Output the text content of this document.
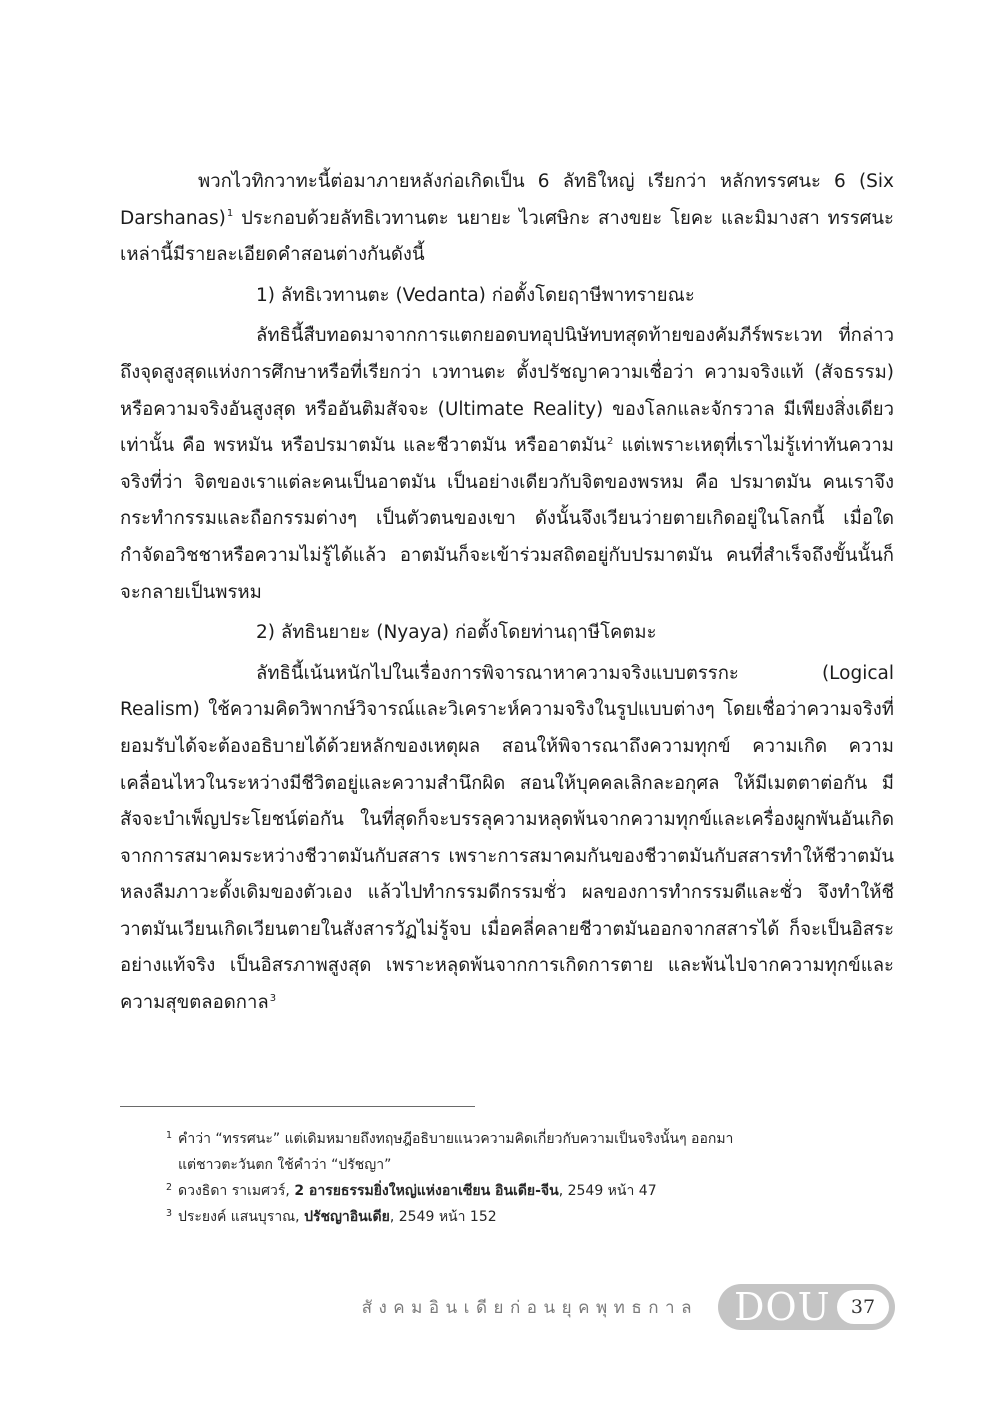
พวกไวทิกวาทะนี้ต่อมาภายหลังก่อเกิดเป็น 6 ลัทธิใหญ่ เรียกว่า หลักทรรศนะ 6 (Six Darshanas)$^1$ ประกอบด้วยลัทธิเวทานตะ นยายะ ไวเศษิกะ สางขยะ โยคะ และมิมางสา ทรรศนะเหล่านี้มีรายละเอียดคำสอนต่างกันดังนี้

1) ลัทธิเวทานตะ (Vedanta) ก่อตั้งโดยฤาษีพาทรายณะ

ลัทธินี้สืบทอดมาจากการแตกยอดบทอุปนิษัทบทสุดท้ายของคัมภีร์พระเวท ที่กล่าวถึงจุดสูงสุดแห่งการศึกษาหรือที่เรียกว่า เวทานตะ ตั้งปรัชญาความเชื่อว่า ความจริงแท้ (สัจธรรม) หรือความจริงอันสูงสุด หรืออันติมสัจจะ (Ultimate Reality) ของโลกและจักรวาล มีเพียงสิ่งเดียวเท่านั้น คือ พรหมัน หรือปรมาตมัน และชีวาตมัน หรืออาตมัน$^2$ แต่เพราะเหตุที่เราไม่รู้เท่าทันความจริงที่ว่า จิตของเราแต่ละคนเป็นอาตมัน เป็นอย่างเดียวกับจิตของพรหม คือ ปรมาตมัน คนเราจึงกระทำกรรมและถือกรรมต่างๆ เป็นตัวตนของเขา ดังนั้นจึงเวียนว่ายตายเกิดอยู่ในโลกนี้ เมื่อใดกำจัดอวิชชาหรือความไม่รู้ได้แล้ว อาตมันก็จะเข้าร่วมสถิตอยู่กับปรมาตมัน คนที่สำเร็จถึงขั้นนั้นก็จะกลายเป็นพรหม

2) ลัทธินยายะ (Nyaya) ก่อตั้งโดยท่านฤาษีโคตมะ

ลัทธินี้เน้นหนักไปในเรื่องการพิจารณาหาความจริงแบบตรรกะ (Logical Realism) ใช้ความคิดวิพากษ์วิจารณ์และวิเคราะห์ความจริงในรูปแบบต่างๆ โดยเชื่อว่าความจริงที่ยอมรับได้จะต้องอธิบายได้ด้วยหลักของเหตุผล สอนให้พิจารณาถึงความทุกข์ ความเกิด ความเคลื่อนไหวในระหว่างมีชีวิตอยู่และความสำนึกผิด สอนให้บุคคลเลิกละอกุศล ให้มีเมตตาต่อกัน มีสัจจะบำเพ็ญประโยชน์ต่อกัน ในที่สุดก็จะบรรลุความหลุดพ้นจากความทุกข์และเครื่องผูกพันอันเกิดจากการสมาคมระหว่างชีวาตมันกับสสาร เพราะการสมาคมกันของชีวาตมันกับสสารทำให้ชีวาตมันหลงลืมภาวะดั้งเดิมของตัวเอง แล้วไปทำกรรมดีกรรมชั่ว ผลของการทำกรรมดีและชั่ว จึงทำให้ชีวาตมันเวียนเกิดเวียนตายในสังสารวัฏไม่รู้จบ เมื่อคลี่คลายชีวาตมันออกจากสสารได้ ก็จะเป็นอิสระอย่างแท้จริง เป็นอิสรภาพสูงสุด เพราะหลุดพ้นจากการเกิดการตาย และพ้นไปจากความทุกข์และความสุขตลอดกาล$^3$

1 คำว่า “ทรรศนะ” แต่เดิมหมายถึงทฤษฎีอธิบายแนวความคิดเกี่ยวกับความเป็นจริงนั้นๆ ออกมา
แต่ชาวตะวันตก ใช้คำว่า “ปรัชญา”

2 ดวงธิดา ราเมศวร์, 2 อารยธรรมยิ่งใหญ่แห่งอาเซียน อินเดีย-จีน, 2549 หน้า 47

3 ประยงค์ แสนบุราณ, ปรัชญาอินเดีย, 2549 หน้า 152

สังคมอินเดียก่อนยุคพุทธกาล DOU	37
